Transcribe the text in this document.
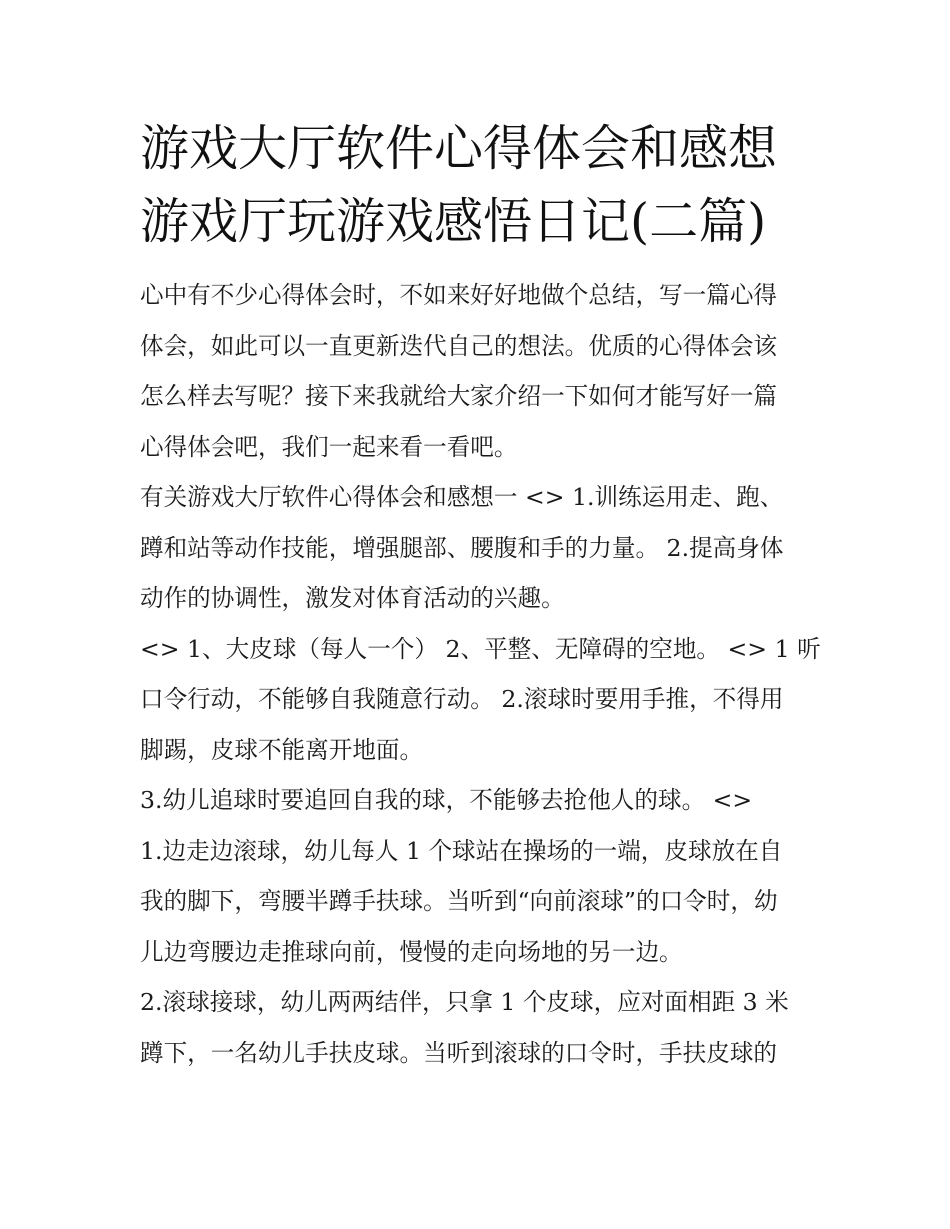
游戏大厅软件心得体会和感想
游戏厅玩游戏感悟日记(二篇)

心中有不少心得体会时，不如来好好地做个总结，写一篇心得
体会，如此可以一直更新迭代自己的想法。优质的心得体会该
怎么样去写呢？接下来我就给大家介绍一下如何才能写好一篇
心得体会吧，我们一起来看一看吧。

有关游戏大厅软件心得体会和感想一 <> 1.训练运用走、跑、
蹲和站等动作技能，增强腿部、腰腹和手的力量。 2.提高身体
动作的协调性，激发对体育活动的兴趣。

<> 1、大皮球（每人一个） 2、平整、无障碍的空地。 <> 1 听
口令行动，不能够自我随意行动。 2.滚球时要用手推，不得用
脚踢，皮球不能离开地面。

3.幼儿追球时要追回自我的球，不能够去抢他人的球。 <>

1.边走边滚球，幼儿每人 1 个球站在操场的一端，皮球放在自
我的脚下，弯腰半蹲手扶球。当听到“向前滚球”的口令时，幼
儿边弯腰边走推球向前，慢慢的走向场地的另一边。

2.滚球接球，幼儿两两结伴，只拿 1 个皮球，应对面相距 3 米
蹲下，一名幼儿手扶皮球。当听到滚球的口令时，手扶皮球的
